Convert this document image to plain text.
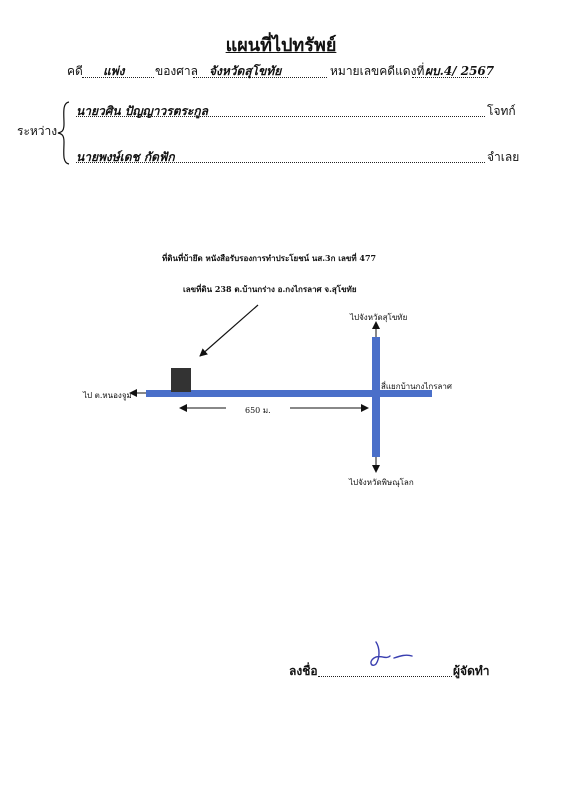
แผนที่ไปทรัพย์
คดี แพ่ง	ของศาล จังหวัดสุโขทัย	หมายเลขคดีแดงที่ ผบ.4/ 2567
ระหว่าง
นายวศิน ปัญญาวรตระกูล	โจทก์
นายพงษ์เดช กัดฟัก	จำเลย
ที่ดินที่บ้ายึด หนังสือรับรองการทำประโยชน์ นส.3ก เลขที่ 477
เลขที่ดิน 238 ต.บ้านกร่าง อ.กงไกรลาศ จ.สุโขทัย
ไปจังหวัดสุโขทัย
ไปจังหวัดพิษณุโลก
ไป ต.หนองจูม
สี่แยกบ้านกงไกรลาศ
650 ม.
ลงชื่อ	ผู้จัดทำ
